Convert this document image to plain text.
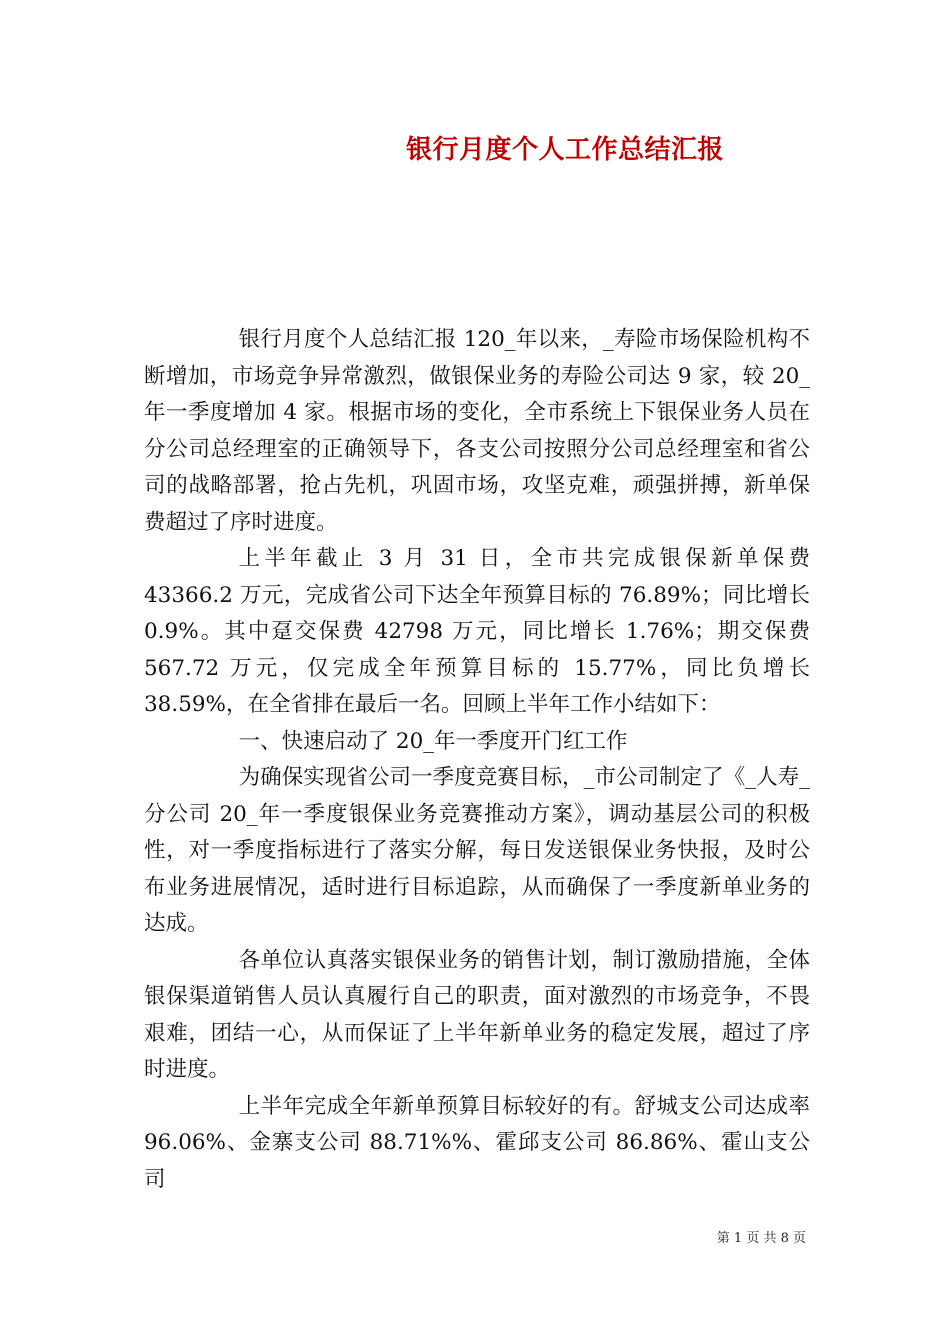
银行月度个人工作总结汇报

银行月度个人总结汇报 120_年以来，_寿险市场保险机构不断增加，市场竞争异常激烈，做银保业务的寿险公司达 9 家，较 20_年一季度增加 4 家。根据市场的变化，全市系统上下银保业务人员在分公司总经理室的正确领导下，各支公司按照分公司总经理室和省公司的战略部署，抢占先机，巩固市场，攻坚克难，顽强拼搏，新单保费超过了序时进度。

上半年截止 3 月 31 日，全市共完成银保新单保费 43366.2 万元，完成省公司下达全年预算目标的 76.89%；同比增长 0.9%。其中趸交保费 42798 万元，同比增长 1.76%；期交保费 567.72 万元，仅完成全年预算目标的 15.77%，同比负增长 38.59%，在全省排在最后一名。回顾上半年工作小结如下：

一、快速启动了 20_年一季度开门红工作

为确保实现省公司一季度竞赛目标，_市公司制定了《_人寿_分公司 20_年一季度银保业务竞赛推动方案》，调动基层公司的积极性，对一季度指标进行了落实分解，每日发送银保业务快报，及时公布业务进展情况，适时进行目标追踪，从而确保了一季度新单业务的达成。

各单位认真落实银保业务的销售计划，制订激励措施，全体银保渠道销售人员认真履行自己的职责，面对激烈的市场竞争，不畏艰难，团结一心，从而保证了上半年新单业务的稳定发展，超过了序时进度。

上半年完成全年新单预算目标较好的有。舒城支公司达成率 96.06%、金寨支公司 88.71%%、霍邱支公司 86.86%、霍山支公司

第 1 页 共 8 页
